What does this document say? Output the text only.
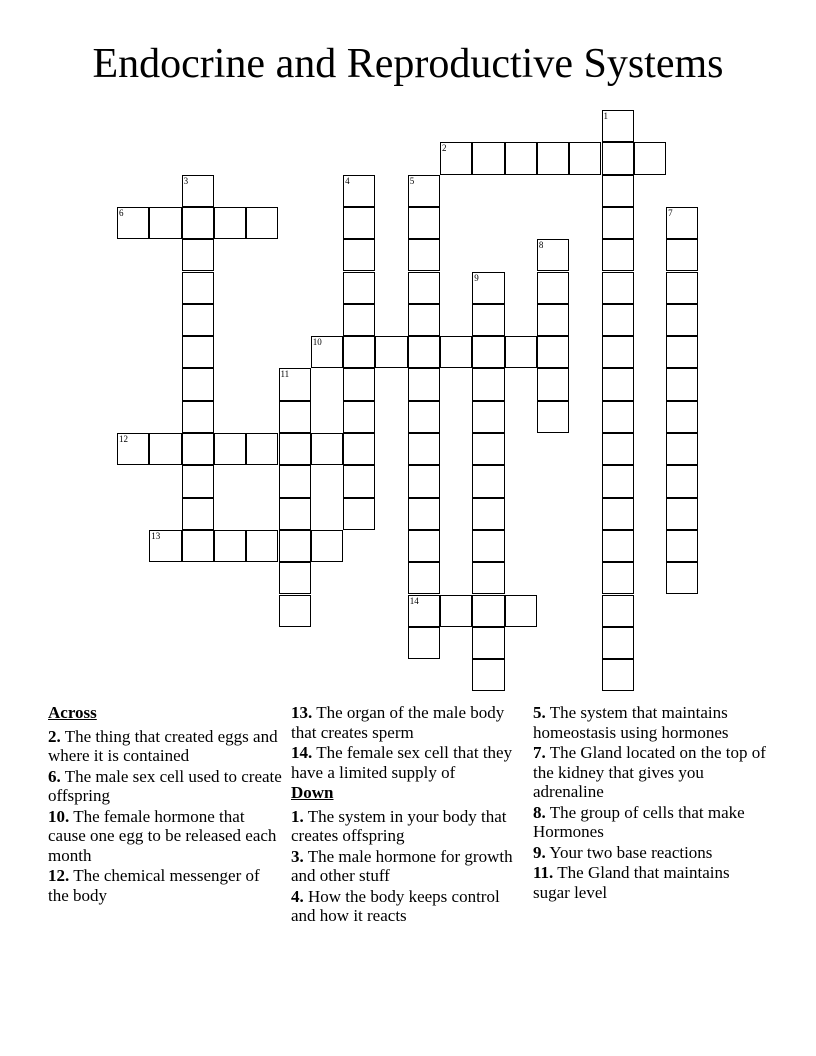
Endocrine and Reproductive Systems
1
2
3	4	5
14
6	7
8
9
10
11
12
13
Across
2. The thing that created eggs and where it is contained
6. The male sex cell used to create offspring
10. The female hormone that cause one egg to be released each month
12. The chemical messenger of the body
13. The organ of the male body that creates sperm
14. The female sex cell that they have a limited supply of
Down
1. The system in your body that creates offspring
3. The male hormone for growth and other stuff
4. How the body keeps control and how it reacts
5. The system that maintains homeostasis using hormones
7. The Gland located on the top of the kidney that gives you adrenaline
8. The group of cells that make Hormones
9. Your two base reactions
11. The Gland that maintains sugar level
